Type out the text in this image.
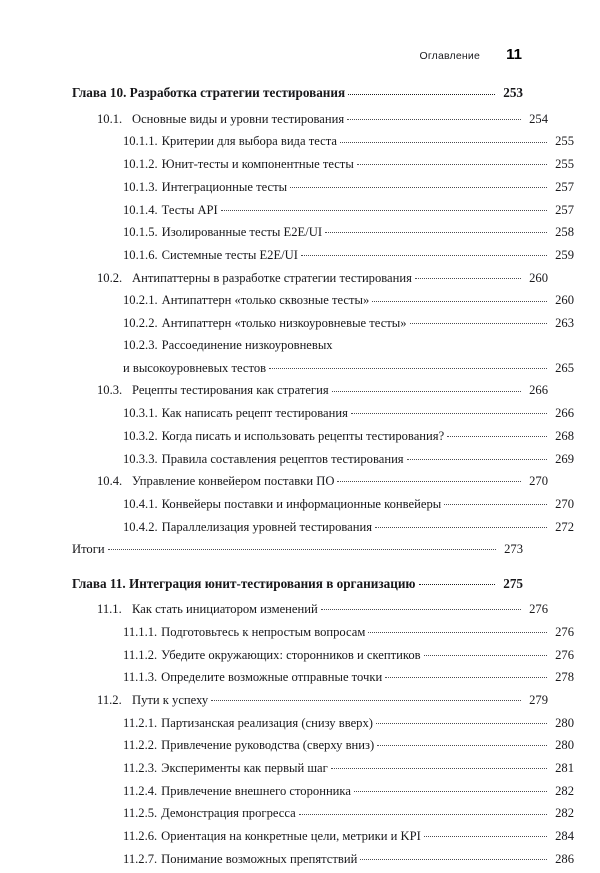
Оглавление 11
Глава 10. Разработка стратегии тестирования	253
10.1. Основные виды и уровни тестирования	254
10.1.1. Критерии для выбора вида теста	255
10.1.2. Юнит-тесты и компонентные тесты	255
10.1.3. Интеграционные тесты	257
10.1.4. Тесты API	257
10.1.5. Изолированные тесты E2E/UI	258
10.1.6. Системные тесты E2E/UI	259
10.2. Антипаттерны в разработке стратегии тестирования	260
10.2.1. Антипаттерн «только сквозные тесты»	260
10.2.2. Антипаттерн «только низкоуровневые тесты»	263
10.2.3. Рассоединение низкоуровневых
и высокоуровневых тестов	265
10.3. Рецепты тестирования как стратегия	266
10.3.1. Как написать рецепт тестирования	266
10.3.2. Когда писать и использовать рецепты тестирования?	268
10.3.3. Правила составления рецептов тестирования	269
10.4. Управление конвейером поставки ПО	270
10.4.1. Конвейеры поставки и информационные конвейеры	270
10.4.2. Параллелизация уровней тестирования	272
Итоги	273
Глава 11. Интеграция юнит-тестирования в организацию	275
11.1. Как стать инициатором изменений	276
11.1.1. Подготовьтесь к непростым вопросам	276
11.1.2. Убедите окружающих: сторонников и скептиков	276
11.1.3. Определите возможные отправные точки	278
11.2. Пути к успеху	279
11.2.1. Партизанская реализация (снизу вверх)	280
11.2.2. Привлечение руководства (сверху вниз)	280
11.2.3. Эксперименты как первый шаг	281
11.2.4. Привлечение внешнего сторонника	282
11.2.5. Демонстрация прогресса	282
11.2.6. Ориентация на конкретные цели, метрики и KPI	284
11.2.7. Понимание возможных препятствий	286
